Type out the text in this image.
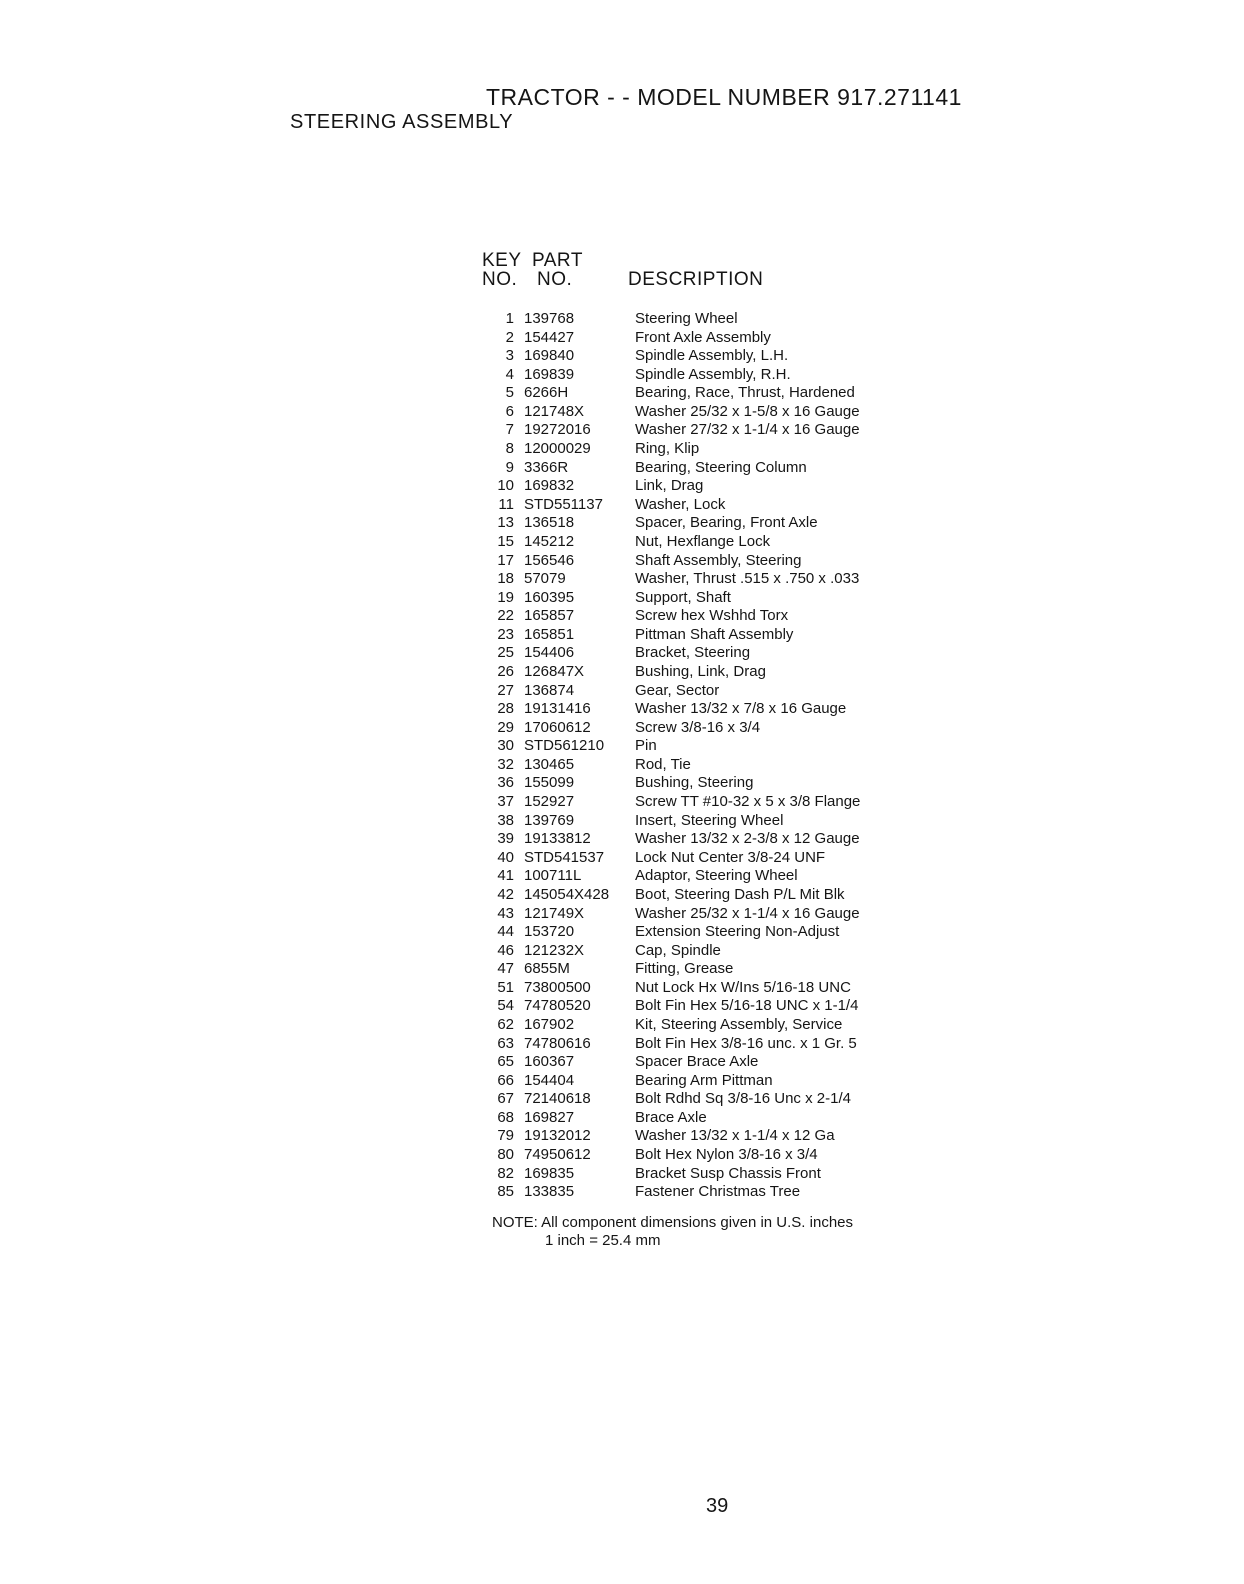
TRACTOR - - MODEL NUMBER 917.271141
STEERING ASSEMBLY
KEY
NO.
PART
NO.	DESCRIPTION
1 139768	Steering Wheel
2 154427	Front Axle Assembly
3 169840	Spindle Assembly, L.H.
4 169839	Spindle Assembly, R.H.
5 6266H	Bearing, Race, Thrust, Hardened
6 121748X	Washer 25/32 x 1-5/8 x 16 Gauge
7 19272016	Washer 27/32 x 1-1/4 x 16 Gauge
8 12000029	Ring, Klip
9 3366R	Bearing, Steering Column
10 169832	Link, Drag
11 STD551137 Washer, Lock
13 136518	Spacer, Bearing, Front Axle
15 145212	Nut, Hexflange Lock
17 156546	Shaft Assembly, Steering
18 57079	Washer, Thrust .515 x .750 x .033
19 160395	Support, Shaft
22 165857	Screw hex Wshhd Torx
23 165851	Pittman Shaft Assembly
25 154406	Bracket, Steering
26 126847X	Bushing, Link, Drag
27 136874	Gear, Sector
28 19131416	Washer 13/32 x 7/8 x 16 Gauge
29 17060612	Screw 3/8-16 x 3/4
30 STD561210 Pin
32 130465	Rod, Tie
36 155099	Bushing, Steering
37 152927	Screw TT #10-32 x 5 x 3/8 Flange
38 139769	Insert, Steering Wheel
39 19133812	Washer 13/32 x 2-3/8 x 12 Gauge
40 STD541537 Lock Nut Center 3/8-24 UNF
41 100711L	Adaptor, Steering Wheel
42 145054X428 Boot, Steering Dash P/L Mit Blk
43 121749X	Washer 25/32 x 1-1/4 x 16 Gauge
44 153720	Extension Steering Non-Adjust
46 121232X	Cap, Spindle
47 6855M	Fitting, Grease
51 73800500	Nut Lock Hx W/Ins 5/16-18 UNC
54 74780520	Bolt Fin Hex 5/16-18 UNC x 1-1/4
62 167902	Kit, Steering Assembly, Service
63 74780616	Bolt Fin Hex 3/8-16 unc. x 1 Gr. 5
65 160367	Spacer Brace Axle
66 154404	Bearing Arm Pittman
67 72140618	Bolt Rdhd Sq 3/8-16 Unc x 2-1/4
68 169827	Brace Axle
79 19132012	Washer 13/32 x 1-1/4 x 12 Ga
80 74950612	Bolt Hex Nylon 3/8-16 x 3/4
82 169835	Bracket Susp Chassis Front
85 133835	Fastener Christmas Tree
NOTE: All component dimensions given in U.S. inches
1 inch = 25.4 mm
39
